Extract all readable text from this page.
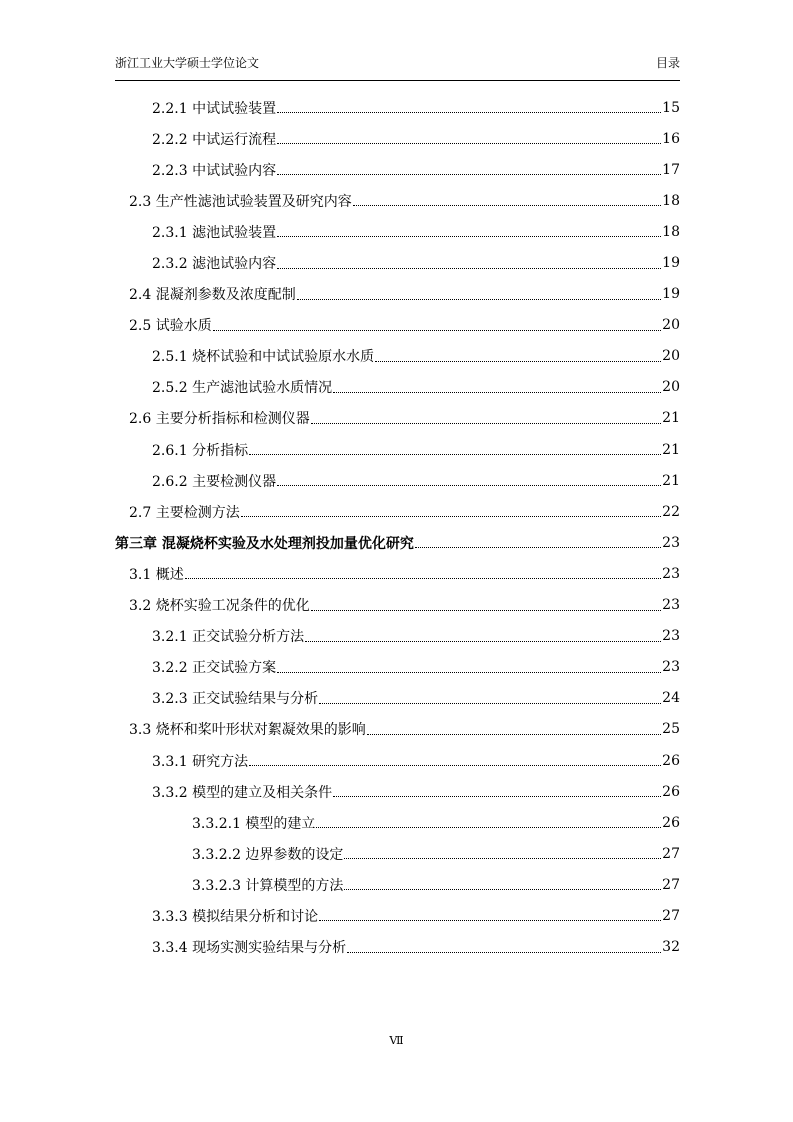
浙江工业大学硕士学位论文	目录
2.2.1 中试试验装置	15
2.2.2 中试运行流程	16
2.2.3 中试试验内容	17
2.3 生产性滤池试验装置及研究内容	18
2.3.1 滤池试验装置	18
2.3.2 滤池试验内容	19
2.4 混凝剂参数及浓度配制	19
2.5 试验水质	20
2.5.1 烧杯试验和中试试验原水水质	20
2.5.2 生产滤池试验水质情况	20
2.6 主要分析指标和检测仪器	21
2.6.1 分析指标	21
2.6.2 主要检测仪器	21
2.7 主要检测方法	22
第三章 混凝烧杯实验及水处理剂投加量优化研究	23
3.1 概述	23
3.2 烧杯实验工况条件的优化	23
3.2.1 正交试验分析方法	23
3.2.2 正交试验方案	23
3.2.3 正交试验结果与分析	24
3.3 烧杯和桨叶形状对絮凝效果的影响	25
3.3.1 研究方法	26
3.3.2 模型的建立及相关条件	26
3.3.2.1 模型的建立	26
3.3.2.2 边界参数的设定	27
3.3.2.3 计算模型的方法	27
3.3.3 模拟结果分析和讨论	27
3.3.4 现场实测实验结果与分析	32
Ⅶ
